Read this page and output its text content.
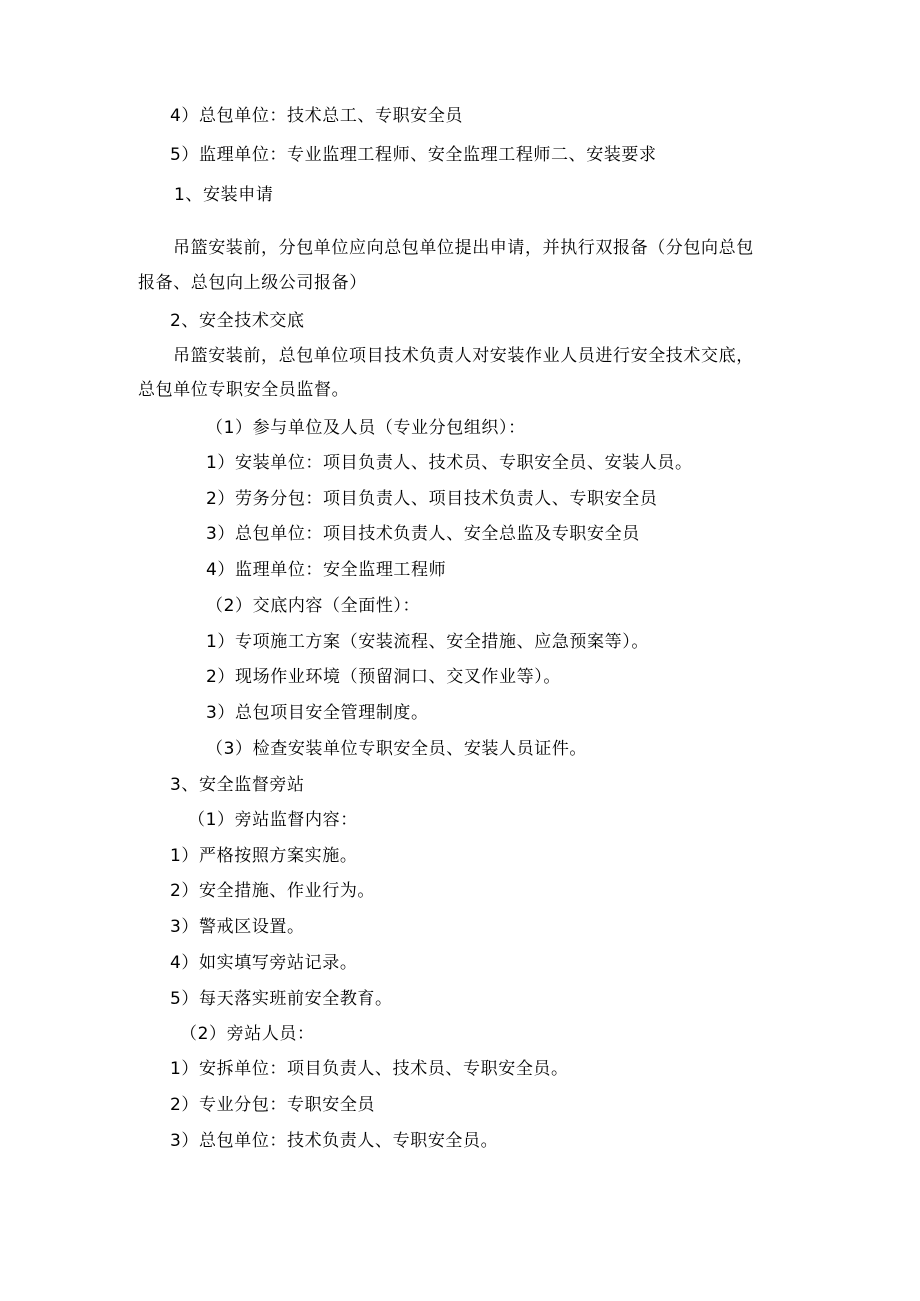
4）总包单位：技术总工、专职安全员
5）监理单位：专业监理工程师、安全监理工程师二、安装要求
1、安装申请
吊篮安装前，分包单位应向总包单位提出申请，并执行双报备（分包向总包
报备、总包向上级公司报备）
2、安全技术交底
吊篮安装前，总包单位项目技术负责人对安装作业人员进行安全技术交底，
总包单位专职安全员监督。
（1）参与单位及人员（专业分包组织）：
1）安装单位：项目负责人、技术员、专职安全员、安装人员。
2）劳务分包：项目负责人、项目技术负责人、专职安全员
3）总包单位：项目技术负责人、安全总监及专职安全员
4）监理单位：安全监理工程师
（2）交底内容（全面性）：
1）专项施工方案（安装流程、安全措施、应急预案等）。
2）现场作业环境（预留洞口、交叉作业等）。
3）总包项目安全管理制度。
（3）检查安装单位专职安全员、安装人员证件。
3、安全监督旁站
（1）旁站监督内容：
1）严格按照方案实施。
2）安全措施、作业行为。
3）警戒区设置。
4）如实填写旁站记录。
5）每天落实班前安全教育。
（2）旁站人员：
1）安拆单位：项目负责人、技术员、专职安全员。
2）专业分包：专职安全员
3）总包单位：技术负责人、专职安全员。
